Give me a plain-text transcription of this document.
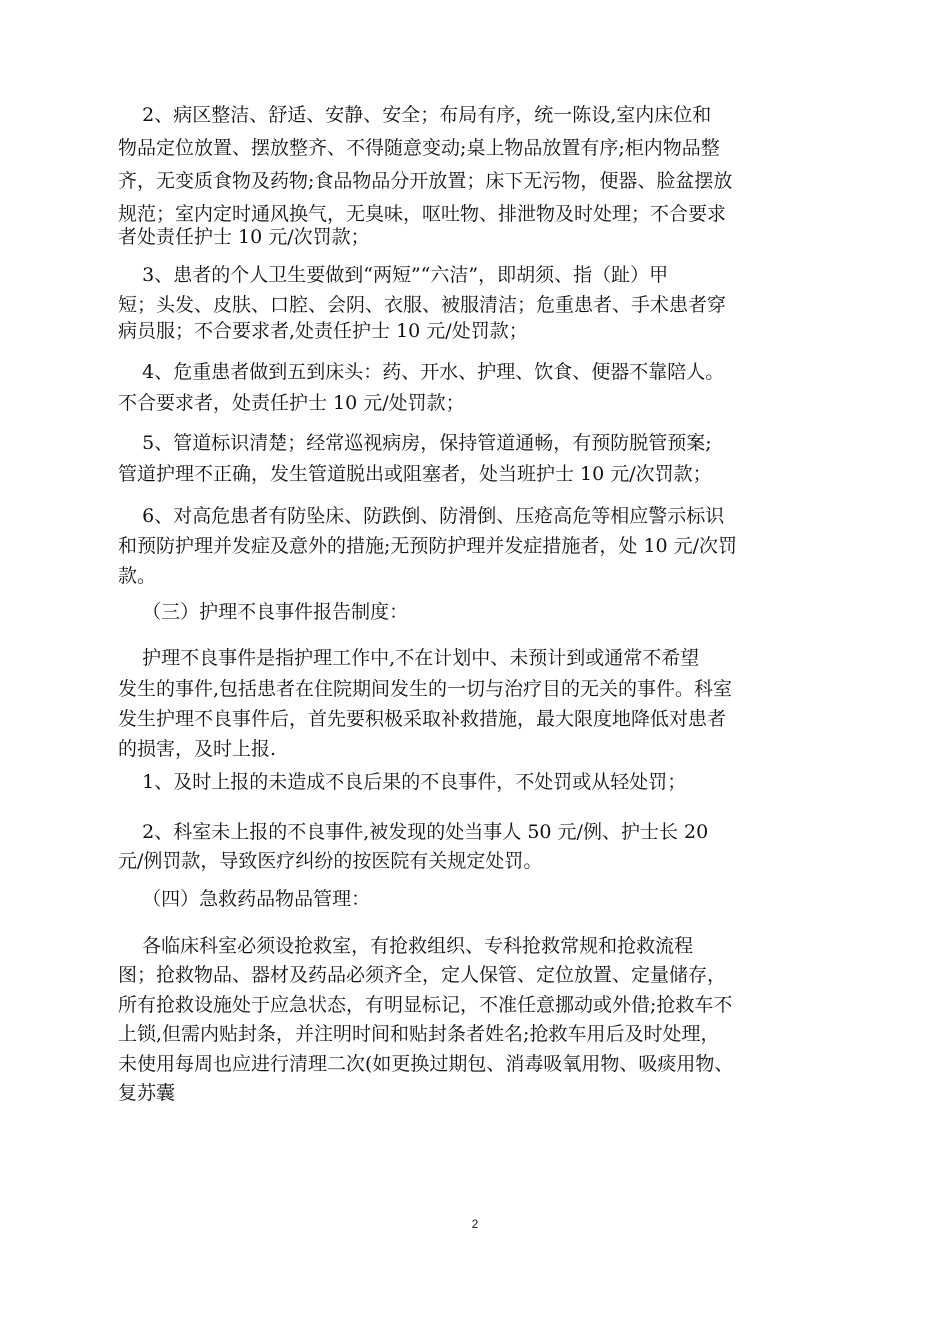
2、病区整洁、舒适、安静、安全；布局有序，统一陈设,室内床位和
物品定位放置、摆放整齐、不得随意变动;桌上物品放置有序;柜内物品整
齐，无变质食物及药物;食品物品分开放置；床下无污物，便器、脸盆摆放
规范；室内定时通风换气，无臭味，呕吐物、排泄物及时处理；不合要求
者处责任护士 10 元/次罚款；
3、患者的个人卫生要做到“两短”“六洁”，即胡须、指（趾）甲
短；头发、皮肤、口腔、会阴、衣服、被服清洁；危重患者、手术患者穿
病员服；不合要求者,处责任护士 10 元/处罚款；
4、危重患者做到五到床头：药、开水、护理、饮食、便器不靠陪人。
不合要求者，处责任护士 10 元/处罚款；
5、管道标识清楚；经常巡视病房，保持管道通畅，有预防脱管预案;
管道护理不正确，发生管道脱出或阻塞者，处当班护士 10 元/次罚款；
6、对高危患者有防坠床、防跌倒、防滑倒、压疮高危等相应警示标识
和预防护理并发症及意外的措施;无预防护理并发症措施者，处 10 元/次罚
款。
（三）护理不良事件报告制度：
护理不良事件是指护理工作中,不在计划中、未预计到或通常不希望
发生的事件,包括患者在住院期间发生的一切与治疗目的无关的事件。科室
发生护理不良事件后，首先要积极采取补救措施，最大限度地降低对患者
的损害，及时上报.
1、及时上报的未造成不良后果的不良事件，不处罚或从轻处罚；
2、科室未上报的不良事件,被发现的处当事人 50 元/例、护士长 20
元/例罚款，导致医疗纠纷的按医院有关规定处罚。
（四）急救药品物品管理：
各临床科室必须设抢救室，有抢救组织、专科抢救常规和抢救流程
图；抢救物品、器材及药品必须齐全，定人保管、定位放置、定量储存，
所有抢救设施处于应急状态，有明显标记，不准任意挪动或外借;抢救车不
上锁,但需内贴封条，并注明时间和贴封条者姓名;抢救车用后及时处理，
未使用每周也应进行清理二次(如更换过期包、消毒吸氧用物、吸痰用物、
复苏囊
2
